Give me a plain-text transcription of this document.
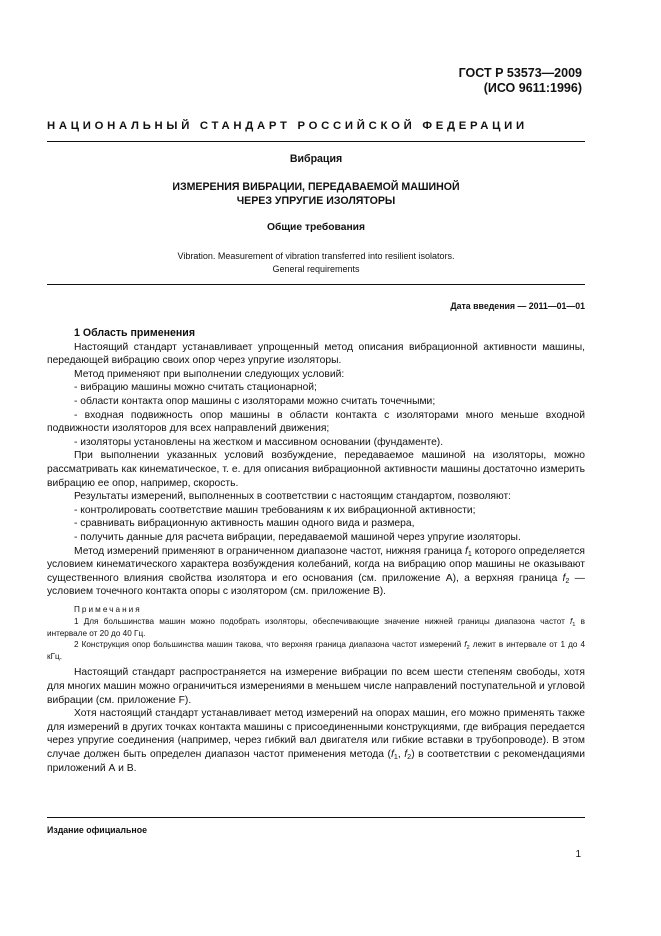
ГОСТ Р 53573—2009
(ИСО 9611:1996)
НАЦИОНАЛЬНЫЙ СТАНДАРТ РОССИЙСКОЙ ФЕДЕРАЦИИ
Вибрация
ИЗМЕРЕНИЯ ВИБРАЦИИ, ПЕРЕДАВАЕМОЙ МАШИНОЙ
ЧЕРЕЗ УПРУГИЕ ИЗОЛЯТОРЫ
Общие требования
Vibration. Measurement of vibration transferred into resilient isolators.
General requirements
Дата введения — 2011—01—01

1 Область применения

Настоящий стандарт устанавливает упрощенный метод описания вибрационной активности машины, передающей вибрацию своих опор через упругие изоляторы.

Метод применяют при выполнении следующих условий:

- вибрацию машины можно считать стационарной;

- области контакта опор машины с изоляторами можно считать точечными;

- входная подвижность опор машины в области контакта с изоляторами много меньше входной подвижности изоляторов для всех направлений движения;

- изоляторы установлены на жестком и массивном основании (фундаменте).

При выполнении указанных условий возбуждение, передаваемое машиной на изоляторы, можно рассматривать как кинематическое, т. е. для описания вибрационной активности машины достаточно измерить вибрацию ее опор, например, скорость.

Результаты измерений, выполненных в соответствии с настоящим стандартом, позволяют:

- контролировать соответствие машин требованиям к их вибрационной активности;

- сравнивать вибрационную активность машин одного вида и размера,

- получить данные для расчета вибрации, передаваемой машиной через упругие изоляторы.

Метод измерений применяют в ограниченном диапазоне частот, нижняя граница $f_1$ которого определяется условием кинематического характера возбуждения колебаний, когда на вибрацию опор машины не оказывают существенного влияния свойства изолятора и его основания (см. приложение А), а верхняя граница $f_2$ — условием точечного контакта опоры с изолятором (см. приложение В).

Примечания

1 Для большинства машин можно подобрать изоляторы, обеспечивающие значение нижней границы диапазона частот $f_1$ в интервале от 20 до 40 Гц.

2 Конструкция опор большинства машин такова, что верхняя граница диапазона частот измерений $f_2$ лежит в интервале от 1 до 4 кГц.

Настоящий стандарт распространяется на измерение вибрации по всем шести степеням свободы, хотя для многих машин можно ограничиться измерениями в меньшем числе направлений поступательной и угловой вибрации (см. приложение F).

Хотя настоящий стандарт устанавливает метод измерений на опорах машин, его можно применять также для измерений в других точках контакта машины с присоединенными конструкциями, где вибрация передается через упругие соединения (например, через гибкий вал двигателя или гибкие вставки в трубопроводе). В этом случае должен быть определен диапазон частот применения метода ($f_1$, $f_2$) в соответствии с рекомендациями приложений А и В.

Издание официальное
1
